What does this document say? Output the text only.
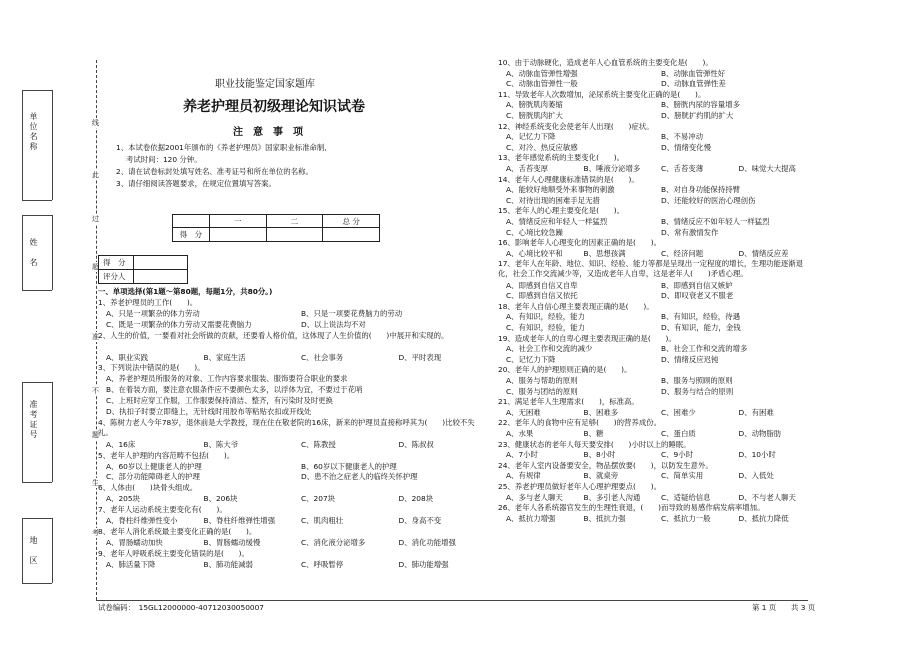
单位名称
姓　名
准考证号
地　区
线
此
过
超
准
不
题
生
考
职业技能鉴定国家题库
养老护理员初级理论知识试卷
注　意　事　项
1、本试卷依据2001年颁布的《养老护理员》国家职业标准命制,
考试时间：120 分钟。
2、请在试卷标封处填写姓名、准考证号和所在单位的名称。
3、请仔细阅读答题要求，在规定位置填写答案。
	一	二	总 分
得　分			
得　分	
评分人	
一、单项选择(第1题～第80题，每题1分，共80分。)
1、养老护理员的工作(　　)。
A、只是一项繁杂的体力劳动	B、只是一项要花费脑力的劳动
C、既是一项繁杂的体力劳动又需要花费脑力	D、以上说法均不对
2、人生的价值，一要看对社会所做的贡献，还要看人格价值，这体现了人生价值的(　　)中展开和实现的。
A、职业实践	B、家庭生活	C、社会事务	D、平时表现
3、下列说法中错误的是(　　)。
A、养老护理员所服务的对象、工作内容要求服装、服饰要符合职业的要求
B、在着装方面，要注意衣服条件应不要颜色太多，以浮体为宜，不要过于花哨
C、上班时应穿工作服，工作服要保持清洁、整齐，有污染时及时更换
D、执扣子时要立即缝上，无针线时用胶布等粘贴衣扣或开线处
4、陈树力老人今年78岁，退休前是大学教授，现在住在敬老院的16床，新来的护理员直接称呼其为(　　)比较不失礼。
A、16床	B、陈大爷	C、陈教授	D、陈叔叔
5、老年人护理的内容范畴不包括(　　)。
A、60岁以上健康老人的护理	B、60岁以下健康老人的护理
C、部分功能障碍老人的护理	D、患不治之症老人的临终关怀护理
6、人体由(　　)块骨头组成。
A、205块	B、206块	C、207块	D、208块
7、老年人运动系统主要变化有(　　)。
A、脊柱纤维弹性变小	B、脊柱纤维弹性增强	C、肌肉粗壮	D、身高不变
8、老年人消化系统最主要变化正确的是(　　)。
A、胃肠蠕动加快	B、胃肠蠕动缓慢	C、消化液分泌增多	D、消化功能增强
9、老年人呼吸系统主要变化错误的是(　　)。
A、肺活量下降	B、肺功能减弱	C、呼吸暂停	D、肺功能增强
10、由于动脉硬化，造成老年人心血管系统的主要变化是(　　)。
A、动脉血管弹性增强	B、动脉血管弹性好
C、动脉血管弹性一般	D、动脉血管弹性差
11、导致老年人次数增加，泌尿系统主要变化正确的是(　　)。
A、膀胱肌肉萎缩	B、膀胱内尿的容量增多
C、膀胱肌肉扩大	D、膀胱扩约肌的扩大
12、神经系统变化会使老年人出现(　　)症状。
A、记忆力下降	B、不易冲动
C、对冷、热反应敏感	D、情绪变化慢
13、老年感觉系统的主要变化(　　)。
A、舌苔变厚	B、唾液分泌增多	C、舌苔变薄	D、味觉大大提高
14、老年人心理健康标准错误的是(　　)。
A、能较好地顺受外来事物的刺激	B、对自身功能保持持臂
C、对待出现的困难手足无措	D、还能较好的医治心理创伤
15、老年人的心理主要变化是(　　)。
A、情绪反应和年轻人一样猛烈	B、情绪反应不如年轻人一样猛烈
C、心境比较急躁	D、常有激情发作
16、影响老年人心理变化的因素正确的是(　　)。
A、心境比较平和	B、思想孩满	C、经济问题	D、情绪反应差
17、老年人在年龄、地位、知识、经验、能力等都是呈现出一定程度的增长，生理功能逐渐退化，社会工作交流减少等，又造成老年人自卑，这是老年人(　　)矛盾心理。
A、即感到自信又自卑	B、即感到自信又嫉妒
C、即感到自信又依托	D、即叹衰老又不服老
18、老年人自信心理主要表现正确的是(　　)。
A、有知识，经验，能力	B、有知识，经验，待遇
C、有知识，经验，能力	D、有知识，能力，金钱
19、造成老年人的自卑心理主要表现正确的是(　　)。
A、社会工作和交流的减少	B、社会工作和交流的增多
C、记忆力下降	D、情绪反应迟钝
20、老年人的护理原则正确的是(　　)。
A、服务与帮助的原则	B、服务与照顾的原则
C、服务与团结的原则	D、服务与结合的原则
21、满足老年人生理需求(　　)，标准高。
A、无困难	B、困难多	C、困难少	D、有困难
22、老年人的食物中应有足够(　　)的营养成份。
A、水果	B、糖	C、蛋白质	D、动物脂肪
23、健康状态的老年人每天要安排(　　)小时以上的睡眠。
A、7小时	B、8小时	C、9小时	D、10小时
24、老年人室内设备要安全，物品摆放要(　　)，以防发生意外。
A、有规律	B、就桌旁	C、简单实用	D、入低处
25、养老护理员做好老年人心理护理要点(　　)。
A、多与老人聊天	B、多引老人沟通	C、适疑给信息	D、不与老人聊天
26、老年人各系统器官发生的生理性衰退，(　　)而导致的易感作病发病率增加。
A、抵抗力增强	B、抵抗力强	C、抵抗力一般	D、抵抗力降低
试卷编码：　15GL12000000-40712030050007	第 1 页　　共 3 页
